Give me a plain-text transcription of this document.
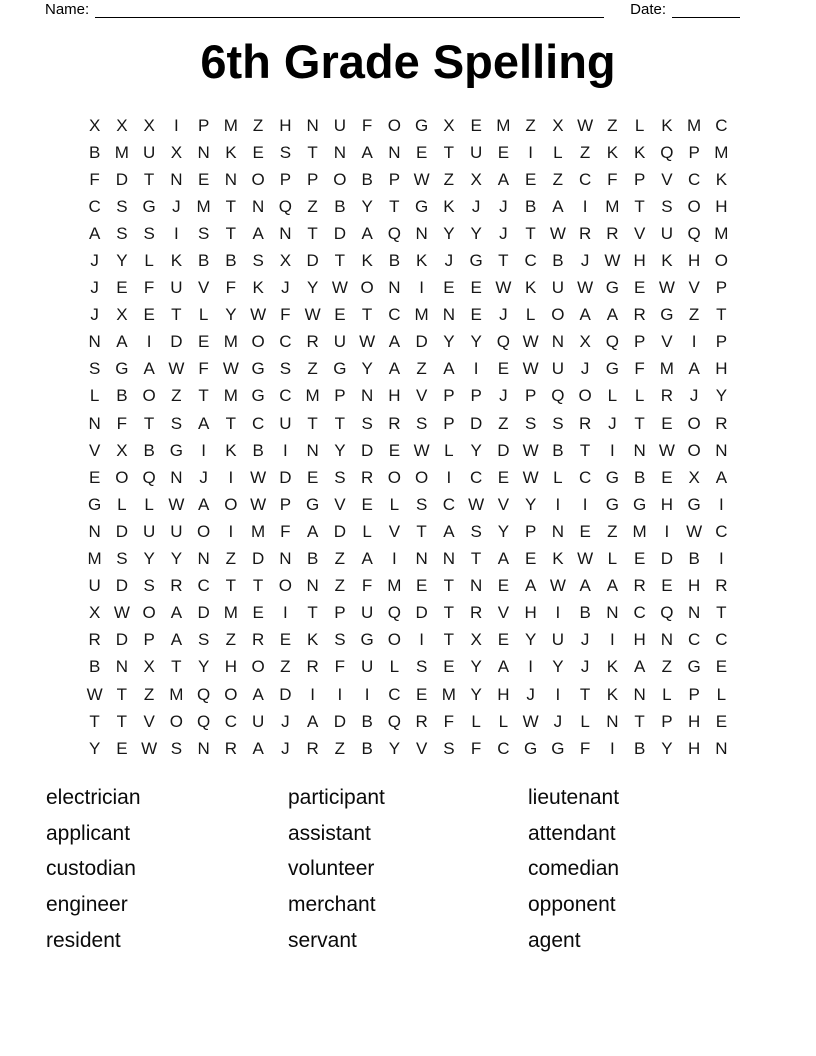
Name:	Date:
6th Grade Spelling
X X X	I	P M Z H N U F O G X E M Z X W Z	L K M C
B M U X N K E S T N A N E T U E	I	L	Z K K Q P M
F D T N E N O P P O B P W Z X A E Z C F P V C K
C S G J M T N Q Z B Y T G K	J	J	B A	I	M T S O H
A S S	I	S T A N T D A Q N Y Y	J	T W R R V U Q M
J	Y L K B B S X D T K B K	J G T C B	J W H K H O
J	E F U V F K	J	Y W O N	I	E E W K U W G E W V P
J	X E T	L Y W F W E T C M N E	J	L O A A R G Z T
N A	I	D E M O C R U W A D Y Y Q W N X Q P V	I	P
S G A W F W G S Z G Y A Z A	I	E W U J G F M A H
L B O Z T M G C M P N H V P P	J	P Q O L	L R J	Y
N F T S A T C U T T S R S P D Z S S R J	T E O R
V X B G	I	K B	I	N Y D E W L Y D W B T	I	N W O N
E O Q N J	I W D E S R O O	I	C E W L C G B E X A
G L	L W A O W P G V E L S C W V Y	I	I	G G H G	I
N D U U O	I	M F A D L V T A S Y P N E Z M	I W C
M S Y Y N Z D N B Z A	I	N N T A E K W L E D B	I
U D S R C T T O N Z F M E T N E A W A A R E H R
X W O A D M E	I	T P U Q D T R V H	I	B N C Q N T
R D P A S Z R E K S G O	I	T X E Y U J	I	H N C C
B N X T Y H O Z R F U L S E Y A	I	Y	J	K A Z G E
W T Z M Q O A D	I	I	I	C E M Y H J	I	T K N L P L
T T V O Q C U J	A D B Q R F	L	L W J	L N T P H E
Y E W S N R A	J R Z B Y V S F C G G F	I	B Y H N
electrician
applicant
custodian
engineer
resident
participant
assistant
volunteer
merchant
servant
lieutenant
attendant
comedian
opponent
agent
